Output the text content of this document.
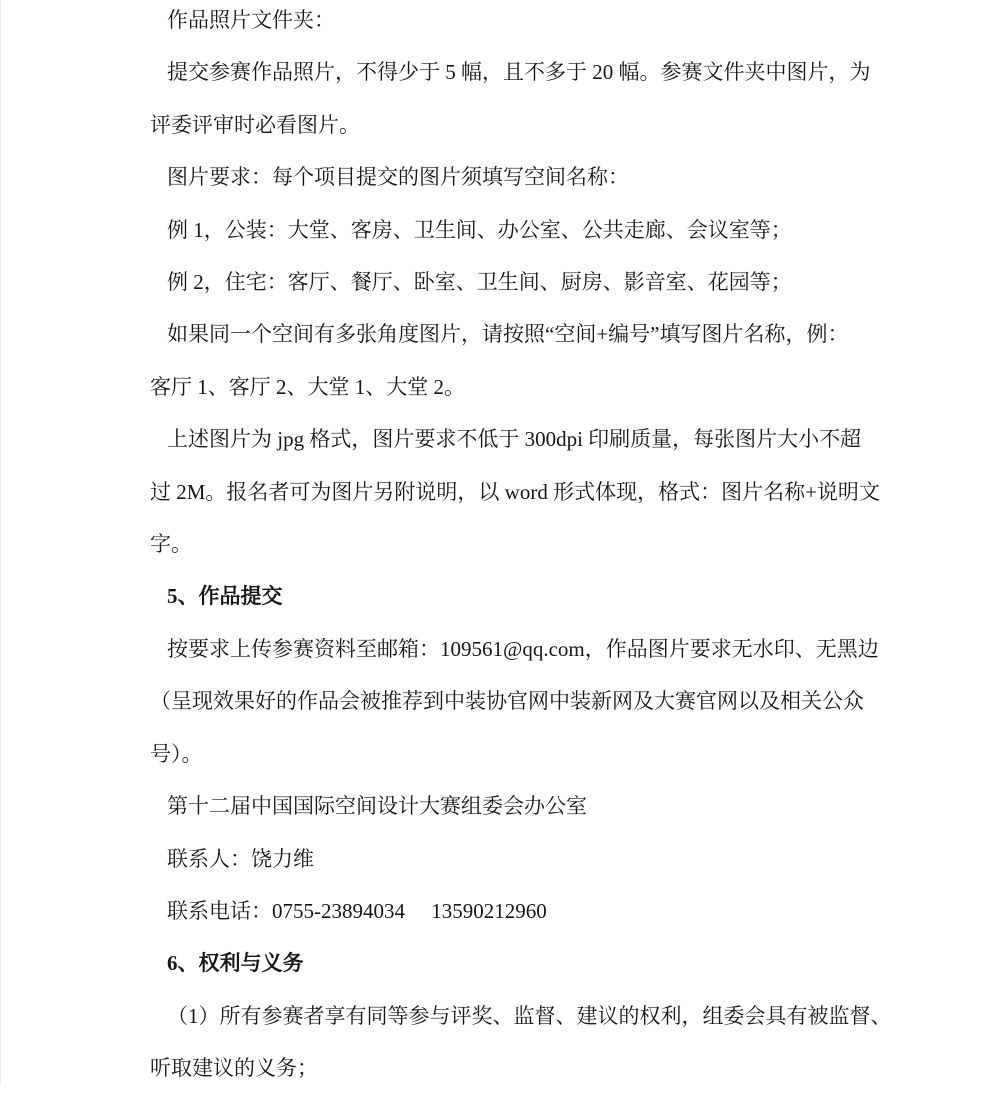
作品照片文件夹：
提交参赛作品照片，不得少于 5 幅，且不多于 20 幅。参赛文件夹中图片，为
评委评审时必看图片。
图片要求：每个项目提交的图片须填写空间名称：
例 1，公装：大堂、客房、卫生间、办公室、公共走廊、会议室等；
例 2，住宅：客厅、餐厅、卧室、卫生间、厨房、影音室、花园等；
如果同一个空间有多张角度图片，请按照“空间+编号”填写图片名称，例：
客厅 1、客厅 2、大堂 1、大堂 2。
上述图片为 jpg 格式，图片要求不低于 300dpi 印刷质量，每张图片大小不超
过 2M。报名者可为图片另附说明，以 word 形式体现，格式：图片名称+说明文
字。
5、作品提交
按要求上传参赛资料至邮箱：109561@qq.com，作品图片要求无水印、无黑边
（呈现效果好的作品会被推荐到中装协官网中装新网及大赛官网以及相关公众
号）。
第十二届中国国际空间设计大赛组委会办公室
联系人：饶力维
联系电话：0755-23894034　 13590212960
6、权利与义务
（1）所有参赛者享有同等参与评奖、监督、建议的权利，组委会具有被监督、
听取建议的义务；
